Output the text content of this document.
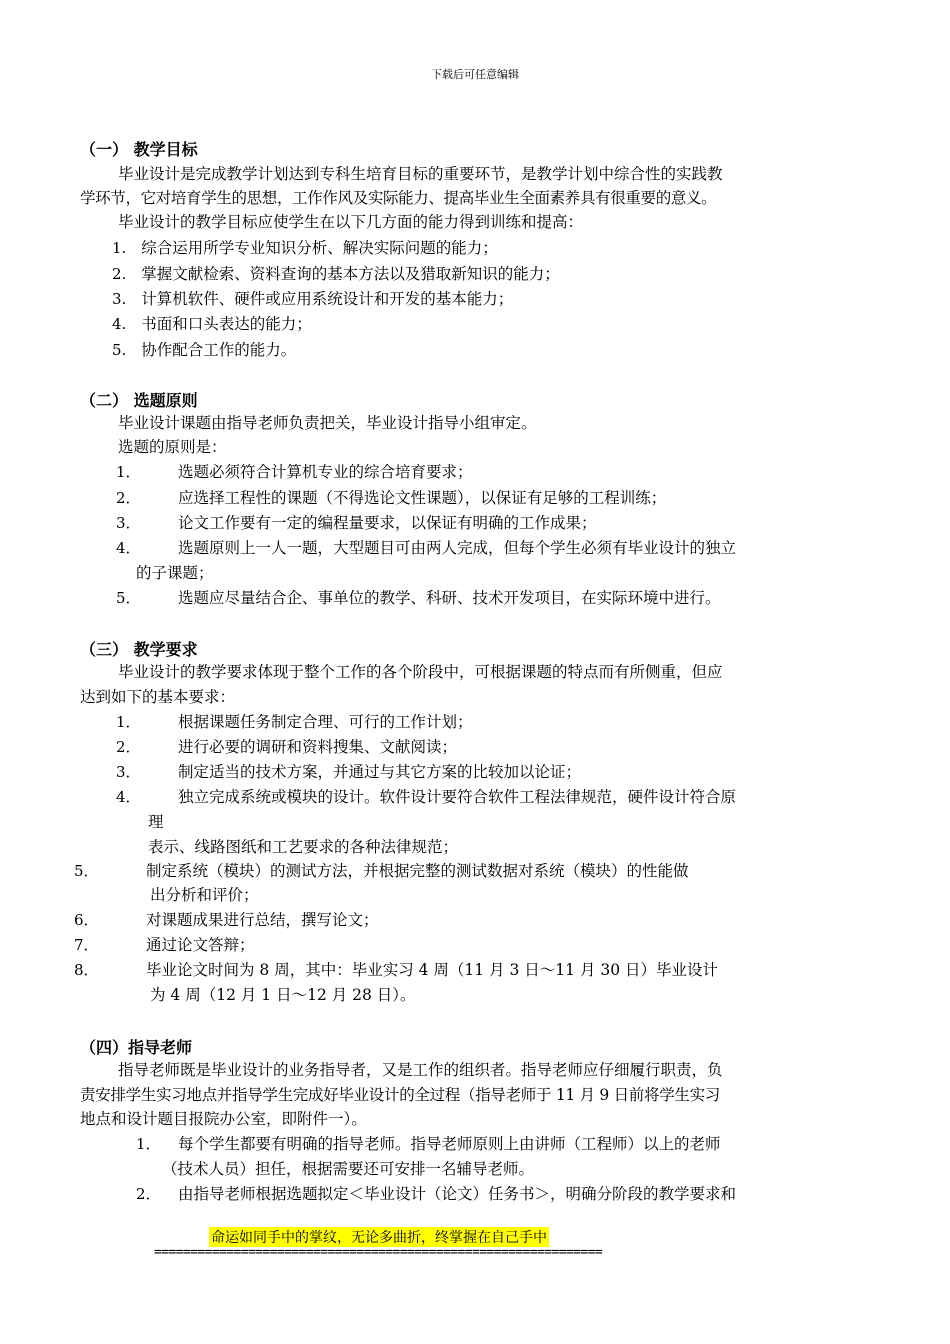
下载后可任意编辑
（一） 教学目标
毕业设计是完成教学计划达到专科生培育目标的重要环节，是教学计划中综合性的实践教
学环节，它对培育学生的思想，工作作风及实际能力、提高毕业生全面素养具有很重要的意义。
毕业设计的教学目标应使学生在以下几方面的能力得到训练和提高：
1. 综合运用所学专业知识分析、解决实际问题的能力；
2. 掌握文献检索、资料查询的基本方法以及猎取新知识的能力；
3. 计算机软件、硬件或应用系统设计和开发的基本能力；
4. 书面和口头表达的能力；
5. 协作配合工作的能力。
（二） 选题原则
毕业设计课题由指导老师负责把关，毕业设计指导小组审定。
选题的原则是：
1． 选题必须符合计算机专业的综合培育要求；
2． 应选择工程性的课题（不得选论文性课题），以保证有足够的工程训练；
3． 论文工作要有一定的编程量要求，以保证有明确的工作成果；
4． 选题原则上一人一题，大型题目可由两人完成，但每个学生必须有毕业设计的独立
的子课题；
5． 选题应尽量结合企、事单位的教学、科研、技术开发项目，在实际环境中进行。
（三） 教学要求
毕业设计的教学要求体现于整个工作的各个阶段中，可根据课题的特点而有所侧重，但应
达到如下的基本要求：
1． 根据课题任务制定合理、可行的工作计划；
2． 进行必要的调研和资料搜集、文献阅读；
3． 制定适当的技术方案，并通过与其它方案的比较加以论证；
4． 独立完成系统或模块的设计。软件设计要符合软件工程法律规范，硬件设计符合原
理
表示、线路图纸和工艺要求的各种法律规范；
5．	制定系统（模块）的测试方法，并根据完整的测试数据对系统（模块）的性能做
出分析和评价；
6．	对课题成果进行总结，撰写论文；
7．	通过论文答辩；
8．	毕业论文时间为 8 周，其中：毕业实习 4 周（11 月 3 日～11 月 30 日）毕业设计
为 4 周（12 月 1 日～12 月 28 日）。
（四）指导老师
指导老师既是毕业设计的业务指导者，又是工作的组织者。指导老师应仔细履行职责，负
责安排学生实习地点并指导学生完成好毕业设计的全过程（指导老师于 11 月 9 日前将学生实习
地点和设计题目报院办公室，即附件一）。
1． 每个学生都要有明确的指导老师。指导老师原则上由讲师（工程师）以上的老师
（技术人员）担任，根据需要还可安排一名辅导老师。
2． 由指导老师根据选题拟定＜毕业设计（论文）任务书＞，明确分阶段的教学要求和
命运如同手中的掌纹，无论多曲折，终掌握在自己手中
==============================================================
